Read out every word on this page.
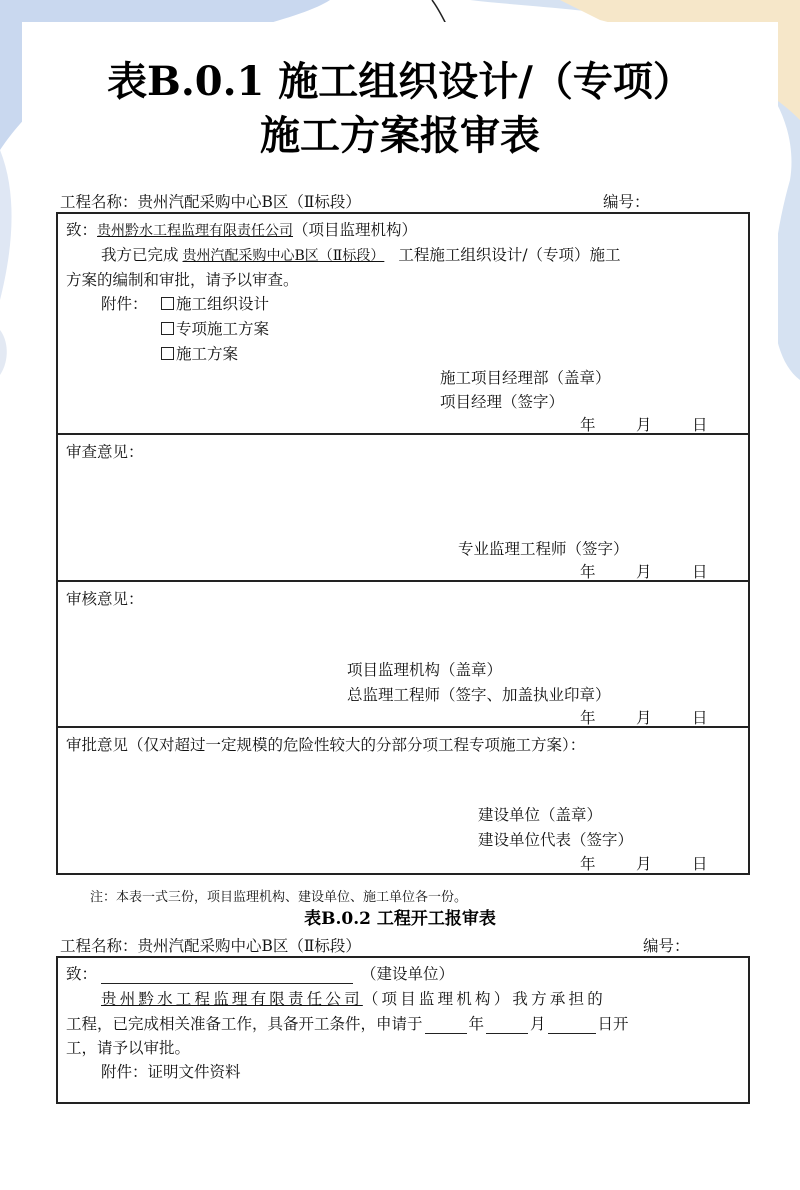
表B.0.1 施工组织设计/（专项）
施工方案报审表
工程名称：贵州汽配采购中心B区（Ⅱ标段）	编号：
致：贵州黔水工程监理有限责任公司（项目监理机构）
我方已完成 贵州汽配采购中心B区（Ⅱ标段） 工程施工组织设计/（专项）施工
方案的编制和审批，请予以审查。
附件：	施工组织设计
专项施工方案
施工方案
施工项目经理部（盖章）
项目经理（签字）
年	月	日
审查意见：
专业监理工程师（签字）
年	月	日
审核意见：
项目监理机构（盖章）
总监理工程师（签字、加盖执业印章）
年	月	日
审批意见（仅对超过一定规模的危险性较大的分部分项工程专项施工方案）：
建设单位（盖章）
建设单位代表（签字）
年	月	日
注：本表一式三份，项目监理机构、建设单位、施工单位各一份。
表B.0.2 工程开工报审表
工程名称：贵州汽配采购中心B区（Ⅱ标段）	编号：
致：	（建设单位）
贵州黔水工程监理有限责任公司（项目监理机构）我方承担的
工程，已完成相关准备工作，具备开工条件，申请于	年	月	日开
工，请予以审批。
附件：证明文件资料
